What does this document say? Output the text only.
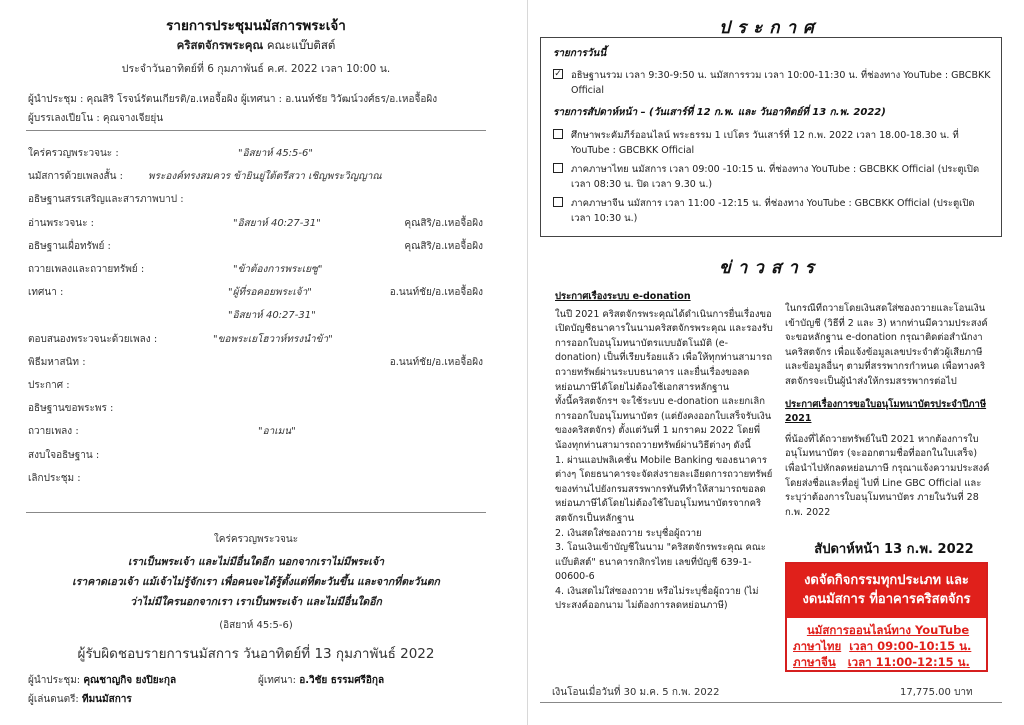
รายการประชุมนมัสการพระเจ้า
คริสตจักรพระคุณ คณะแบ๊บติสต์
ประจำวันอาทิตย์ที่ 6 กุมภาพันธ์ ค.ศ. 2022 เวลา 10:00 น.
ผู้นำประชุม : คุณสิริ โรจน์รัตนเกียรติ/อ.เหอจื้อผิง ผู้เทศนา : อ.นนท์ชัย วิวัฒน์วงศ์ธร/อ.เหอจื้อผิง
ผู้บรรเลงเปียโน : คุณจางเจียยุ่น
ใคร่ครวญพระวจนะ :	"อิสยาห์ 45:5-6"
นมัสการด้วยเพลงสั้น : พระองค์ทรงสมควร ข้ายินยู่ใต้ตรีสวา เชิญพระวิญญาณ
อธิษฐานสรรเสริญและสารภาพบาป :
อ่านพระวจนะ :	"อิสยาห์ 40:27-31"	คุณสิริ/อ.เหอจื้อผิง
อธิษฐานเผื่อทรัพย์ :	คุณสิริ/อ.เหอจื้อผิง
ถวายเพลงและถวายทรัพย์ :	"ข้าต้องการพระเยซู"
เทศนา :	"ผู้ที่รอคอยพระเจ้า"	อ.นนท์ชัย/อ.เหอจื้อผิง
"อิสยาห์ 40:27-31"
ตอบสนองพระวจนะด้วยเพลง :	"ขอพระเยโฮวาห์ทรงนำข้า"
พิธีมหาสนิท :	อ.นนท์ชัย/อ.เหอจื้อผิง
ประกาศ :
อธิษฐานขอพระพร :
ถวายเพลง :	"อาเมน"
สงบใจอธิษฐาน :
เลิกประชุม :
ใคร่ครวญพระวจนะ
เราเป็นพระเจ้า และไม่มีอื่นใดอีก นอกจากเราไม่มีพระเจ้า
เราคาดเอวเจ้า แม้เจ้าไม่รู้จักเรา เพื่อคนจะได้รู้ตั้งแต่ที่ตะวันขึ้น และจากที่ตะวันตก
ว่าไม่มีใครนอกจากเรา เราเป็นพระเจ้า และไม่มีอื่นใดอีก
(อิสยาห์ 45:5-6)
ผู้รับผิดชอบรายการนมัสการ วันอาทิตย์ที่ 13 กุมภาพันธ์ 2022
ผู้นำประชุม: คุณชาญกิจ ยงปิยะกุล	ผู้เทศนา: อ.วิชัย ธรรมศรีอิกุล
ผู้เล่นดนตรี: ทีมนมัสการ
ประกาศ
รายการวันนี้
✓ อธิษฐานรวม เวลา 9:30-9:50 น. นมัสการรวม เวลา 10:00-11:30 น. ที่ช่องทาง YouTube : GBCBKK Official
รายการสัปดาห์หน้า – (วันเสาร์ที่ 12 ก.พ. และ วันอาทิตย์ที่ 13 ก.พ. 2022)
ศึกษาพระคัมภีร์ออนไลน์ พระธรรม 1 เปโตร วันเสาร์ที่ 12 ก.พ. 2022 เวลา 18.00-18.30 น. ที่ YouTube : GBCBKK Official
ภาคภาษาไทย นมัสการ เวลา 09:00 -10:15 น. ที่ช่องทาง YouTube : GBCBKK Official (ประตูเปิดเวลา 08:30 น. ปิด เวลา 9.30 น.)
ภาคภาษาจีน นมัสการ เวลา 11:00 -12:15 น. ที่ช่องทาง YouTube : GBCBKK Official (ประตูเปิดเวลา 10:30 น.)
ข่าวสาร

ประกาศเรื่องระบบ e-donation

ในปี 2021 คริสตจักรพระคุณได้ดำเนินการยื่นเรื่องขอเปิดบัญชีธนาคารในนามคริสตจักรพระคุณ และรองรับการออกใบอนุโมทนาบัตรแบบอัตโนมัติ (e-donation) เป็นที่เรียบร้อยแล้ว เพื่อให้ทุกท่านสามารถถวายทรัพย์ผ่านระบบธนาคาร และยื่นเรื่องขอลดหย่อนภาษีได้โดยไม่ต้องใช้เอกสารหลักฐาน

ทั้งนี้คริสตจักรฯ จะใช้ระบบ e-donation และยกเลิกการออกใบอนุโมทนาบัตร (แต่ยังคงออกใบเสร็จรับเงินของคริสตจักร) ตั้งแต่วันที่ 1 มกราคม 2022 โดยพี่น้องทุกท่านสามารถถวายทรัพย์ผ่านวิธีต่างๆ ดังนี้

1. ผ่านแอปพลิเคชั่น Mobile Banking ของธนาคารต่างๆ โดยธนาคารจะจัดส่งรายละเอียดการถวายทรัพย์ของท่านไปยังกรมสรรพากรทันทีทำให้สามารถขอลดหย่อนภาษีได้โดยไม่ต้องใช้ใบอนุโมทนาบัตรจากคริสตจักรเป็นหลักฐาน

2. เงินสดใส่ซองถวาย ระบุชื่อผู้ถวาย

3. โอนเงินเข้าบัญชีในนาม "คริสตจักรพระคุณ คณะแบ๊บติสต์" ธนาคารกสิกรไทย เลขที่บัญชี 639-1-00600-6

4. เงินสดไม่ใส่ซองถวาย หรือไม่ระบุชื่อผู้ถวาย (ไม่ประสงค์ออกนาม ไม่ต้องการลดหย่อนภาษี)

ในกรณีที่ถวายโดยเงินสดใส่ซองถวายและโอนเงินเข้าบัญชี (วิธีที่ 2 และ 3) หากท่านมีความประสงค์จะขอหลักฐาน e-donation กรุณาติดต่อสำนักงานคริสตจักร เพื่อแจ้งข้อมูลเลขประจำตัวผู้เสียภาษีและข้อมูลอื่นๆ ตามที่สรรพากรกำหนด เพื่อทางคริสตจักรจะเป็นผู้นำส่งให้กรมสรรพากรต่อไป

ประกาศเรื่องการขอใบอนุโมทนาบัตรประจำปีภาษี 2021

พี่น้องที่ได้ถวายทรัพย์ในปี 2021 หากต้องการใบอนุโมทนาบัตร (จะออกตามชื่อที่ออกในใบเสร็จ) เพื่อนำไปหักลดหย่อนภาษี กรุณาแจ้งความประสงค์โดยส่งชื่อและที่อยู่ ไปที่ Line GBC Official และระบุว่าต้องการใบอนุโมทนาบัตร ภายในวันที่ 28 ก.พ. 2022

สัปดาห์หน้า 13 ก.พ. 2022
งดจัดกิจกรรมทุกประเภท และ
งดนมัสการ ที่อาคารคริสตจักร
นมัสการออนไลน์ทาง YouTube
ภาษาไทย เวลา 09:00-10:15 น.
ภาษาจีน เวลา 11:00-12:15 น.
เงินโอนเมื่อวันที่ 30 ม.ค. 5 ก.พ. 2022	17,775.00 บาท
